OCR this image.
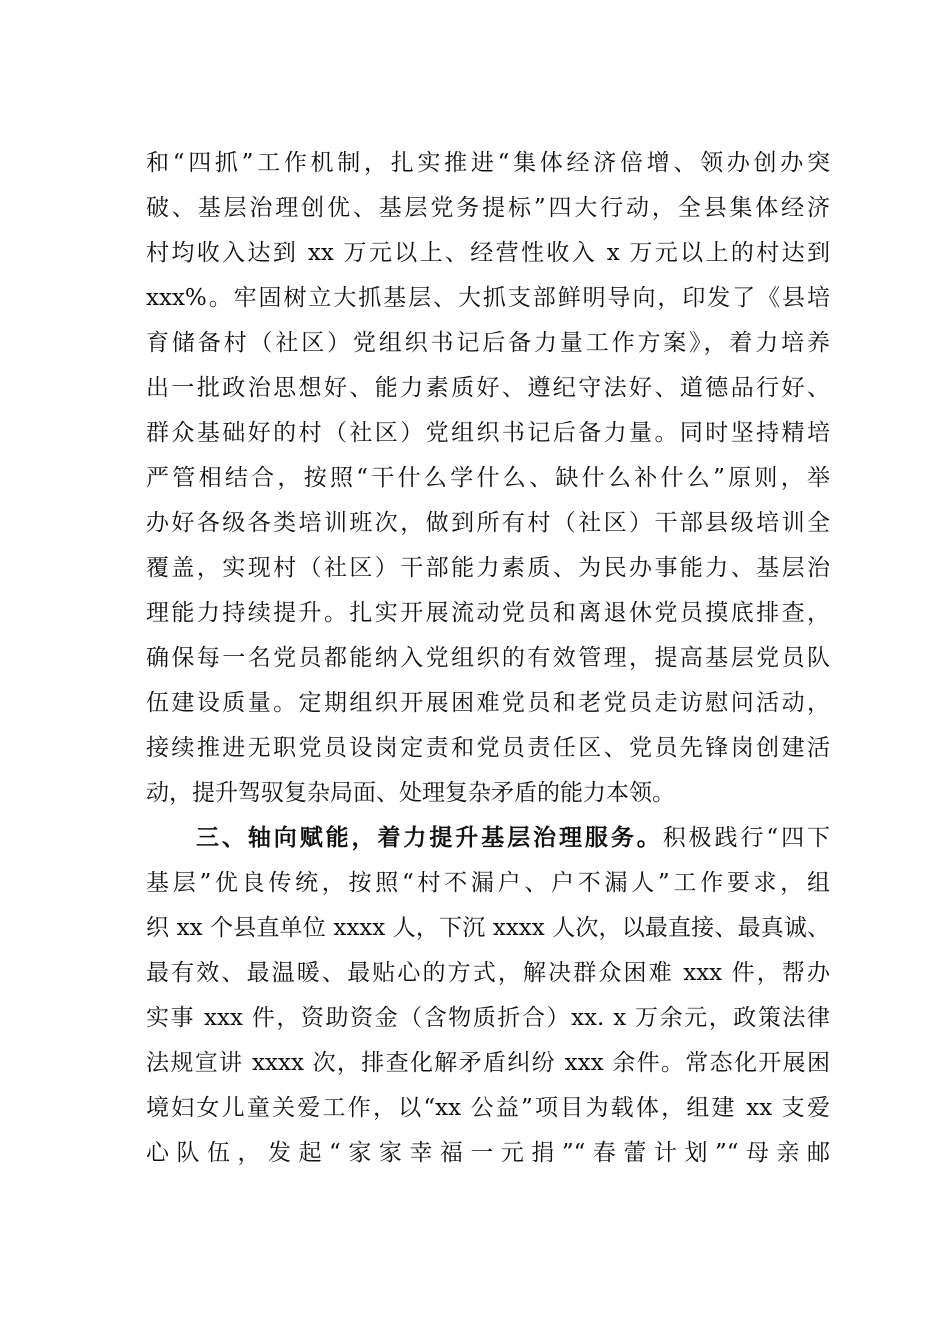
和“四抓”工作机制，扎实推进“集体经济倍增、领办创办突
破、基层治理创优、基层党务提标”四大行动，全县集体经济
村均收入达到 xx 万元以上、经营性收入 x 万元以上的村达到
xxx%。牢固树立大抓基层、大抓支部鲜明导向，印发了《县培
育储备村（社区）党组织书记后备力量工作方案》，着力培养
出一批政治思想好、能力素质好、遵纪守法好、道德品行好、
群众基础好的村（社区）党组织书记后备力量。同时坚持精培
严管相结合，按照“干什么学什么、缺什么补什么”原则，举
办好各级各类培训班次，做到所有村（社区）干部县级培训全
覆盖，实现村（社区）干部能力素质、为民办事能力、基层治
理能力持续提升。扎实开展流动党员和离退休党员摸底排查，
确保每一名党员都能纳入党组织的有效管理，提高基层党员队
伍建设质量。定期组织开展困难党员和老党员走访慰问活动，
接续推进无职党员设岗定责和党员责任区、党员先锋岗创建活
动，提升驾驭复杂局面、处理复杂矛盾的能力本领。
三、轴向赋能，着力提升基层治理服务。积极践行“四下
基层”优良传统，按照“村不漏户、户不漏人”工作要求，组
织 xx 个县直单位 xxxx 人，下沉 xxxx 人次，以最直接、最真诚、
最有效、最温暖、最贴心的方式，解决群众困难 xxx 件，帮办
实事 xxx 件，资助资金（含物质折合）xx. x 万余元，政策法律
法规宣讲 xxxx 次，排查化解矛盾纠纷 xxx 余件。常态化开展困
境妇女儿童关爱工作，以“xx 公益”项目为载体，组建 xx 支爱
心队伍，发起“家家幸福一元捐”“春蕾计划”“母亲邮
